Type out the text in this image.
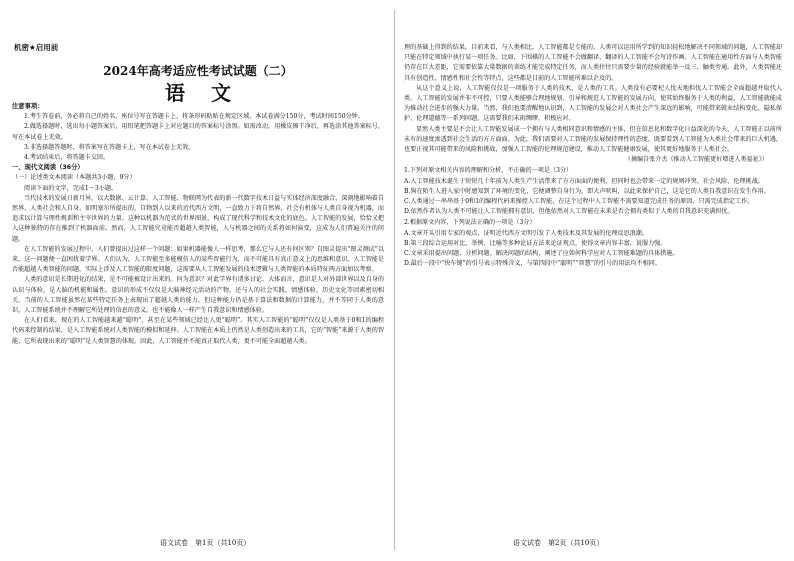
机密★启用前
2024年高考适应性考试试题（二）
语文

注意事项：

1.考生答卷前，务必将自己的姓名、座位号写在答题卡上，将条形码粘贴在规定区域。本试卷满分150分，考试时间150分钟。

2.做选择题时，选出每小题答案后，用铅笔把答题卡上对应题目的答案标号涂黑。如需改动，用橡皮擦干净后，再选涂其他答案标号，写在本试卷上无效。

3.非选择题答题时，将答案写在答题卡上，写在本试卷上无效。

4.考试结束后，将答题卡交回。

一、现代文阅读（36分）

（一）论述类文本阅读（本题共3小题，9分）

阅读下面的文字，完成1～3小题。

当代技术的发展日新月异，以大数据、云计算、人工智能、物联网为代表的新一代数字技术日益与实体经济深度融合，深刻地影响着自然界、人类社会和人自身。如明塞尔所提出的，自物到人以来的近代西方文明，一直致力于将自然界、社会有机体与人类自身视为机器，而追求以计算与理性规训和主宰世界的力量。这种以机器为范式的世界图景，构成了现代科学和技术文化的底色。人工智能的发展，恰恰又把人这种独特的存在推到了机器面前。然而，人工智能究竟能否超越人类智能，人与机器之间的关系将如何演变，这成为人们普遍关注的问题。

在人工智能的发展过程中，人们曾提出过这样一个问题：如果机器能像人一样思考，那么它与人还有何区别？自图灵提出“图灵测试”以来，这一问题便一直困扰着学界。人们认为，人工智能至多能模仿人的某些智能行为，而不可能具有真正意义上的思维和意识。人工智能是否能超越人类智能的问题，实际上涉及人工智能的限度问题，这需要从人工智能发展的技术逻辑与人类智能的本质特征两方面加以考察。

人类的意识是长期进化的结果，是不可能被设计出来的。何为意识？对此学界有诸多讨论。大体而言，意识是人对外部世界以及自身的认识与体验，是人脑的机能和属性。意识的形成不仅仅是大脑神经元活动的产物，还与人的社会实践、情感体验、历史文化等因素密切相关。当前的人工智能虽然在某些特定任务上表现出了超越人类的能力，但这种能力仍是基于算法和数据的计算能力，并不等同于人类的意识。人工智能系统并不理解它所处理的信息的意义，也不能像人一样产生自我意识和情感体验。

在人们看来，现在的人工智能越来越“聪明”，甚至在某些领域已经比人更“聪明”。其实人工智能的“聪明”仅仅是人类基于0和1的编程代码来控制的结果，是人工智能系统对人类智能的模拟和延伸。人工智能在本质上仍然是人类创造出来的工具，它的“智能”来源于人类的智能，它所表现出来的“聪明”是人类智慧的体现。因此，人工智能并不能真正取代人类，更不可能全面超越人类。

理的基础上得到的结果。目前来看，与人类相比，人工智能都是专能的。人类可以运用所学到的知识轻松地解决不同领域的问题，人工智能却只能在特定领域中执行某一项任务。比如，下围棋的人工智能不会做翻译，翻译的人工智能不会写诗作画。人工智能在通用性方面与人类智能仍存在巨大差距，它需要依靠大量数据的训练才能完成特定任务，而人类往往只需要少量的经验就能举一反三、触类旁通。此外，人类智能还具有创造性、情感性和社会性等特点，这些都是目前的人工智能所难以企及的。

从这个意义上说，人工智能仅仅是一项服务于人类的技术，是人类的工具。人类没有必要杞人忧天地担忧人工智能会全面超越并取代人类。人工智能的发展并非不可控，只要人类能够合理地规划、引导和规范人工智能的发展方向，使其始终服务于人类的利益，人工智能就能成为推动社会进步的强大力量。当然，我们也要清醒地认识到，人工智能的发展会对人类社会产生深远的影响，可能带来就业结构变化、隐私保护、伦理道德等一系列问题，这需要我们未雨绸缪，积极应对。

显然人类主要是不会让人工智能发展成一个拥有与人类相同意识和情感的主体，但在信息化和数字化日益深化的今天，人工智能正以前所未有的速度渗透到社会生活的方方面面。为此，我们需要对人工智能的发展保持理性的态度，既要看到人工智能为人类社会带来的巨大机遇，也要正视其可能带来的风险和挑战，加强人工智能的伦理规范建设，推动人工智能健康发展，使其更好地服务于人类社会。

（摘编自张介杰《推动人工智能更好增进人类福祉》）

1.下列对原文相关内容的理解和分析，不正确的一项是（3分）

A.人工智能技术诞生于短短几十年前为人类生产生活带来了方方面面的便利，但同时也会带来一定的规则冲突、社会风险、伦理挑战。

B.狗在陌生人进入家中时感知到了环境的变化，它便调整自身行为，即大声吠叫，以此来保护自己，这是它的人类自我意识在发生作用。

C.人类通过一串串基于0和1的编程代码来操控人工智能，在这个过程中人工智能不需要知道完成任务的原因，只需完成指定工作。

D.依然作者认为人类不可能让人工智能拥有意识，但他依然对人工智能在未来是否会拥有类似于人类的自我意识充满担忧。

2.根据原文内容，下列说法正确的一项是（3分）

A.文章开头引用专家的观点，证明近代西方文明引发了人类技术及其发展的伦理反思浪潮。

B.第三段综合运用对比、举例、比喻等多种论证方法来论证观点，使得文章内容丰富，说服力强。

C.文章采用提出问题、分析问题、解决问题的结构，阐述了应如何科学应对人工智能难题的具体措施。

D.最后一段中“快车键”的引号表示特殊含义，与第四段中“聪明”“智慧”的引号的用法均不相同。

语文试卷　第1页（共10页）	语文试卷　第2页（共10页）
